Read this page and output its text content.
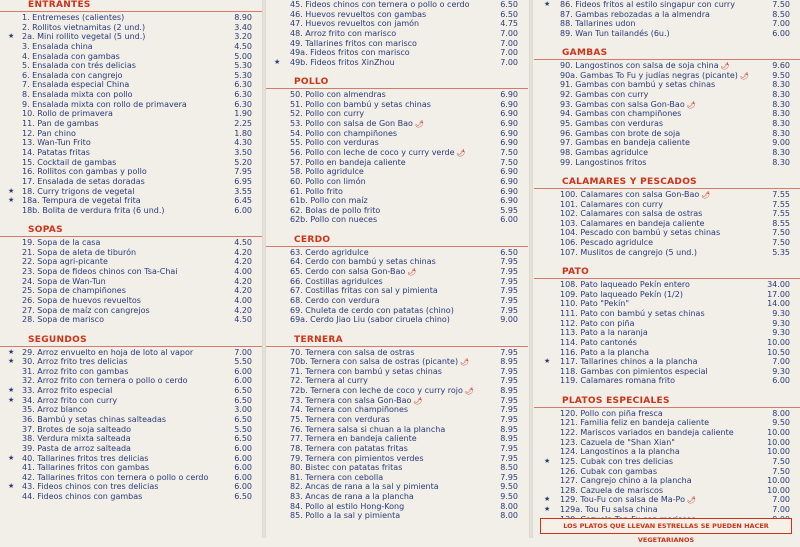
ENTRANTES
1. Entremeses (calientes)	8.90
2. Rollitos vietnamitas (2 und.)	3.40
★ 2a. Mini rollito vegetal (5 und.)	3.20
3. Ensalada china	4.50
4. Ensalada con gambas	5.00
5. Ensalada con trés delicias	5.30
6. Ensalada con cangrejo	5.30
7. Ensalada especial China	6.30
8. Ensalada mixta con pollo	6.30
9. Ensalada mixta con rollo de primavera	6.30
10. Rollo de primavera	1.90
11. Pan de gambas	2.25
12. Pan chino	1.80
13. Wan-Tun Frito	4.30
14. Patatas fritas	3.50
15. Cocktail de gambas	5.20
16. Rollitos con gambas y pollo	7.95
17. Ensalada de setas doradas	6.95
★ 18. Curry trigons de vegetal	3.55
★ 18a. Tempura de vegetal frita	6.45
18b. Bolita de verdura frita (6 und.)	6.00
SOPAS
19. Sopa de la casa	4.50
21. Sopa de aleta de tiburón	4.20
22. Sopa agri-picante	4.20
23. Sopa de fideos chinos con Tsa-Chai	4.00
24. Sopa de Wan-Tun	4.20
25. Sopa de champiñones	4.20
26. Sopa de huevos revueltos	4.00
27. Sopa de maíz con cangrejos	4.20
28. Sopa de marisco	4.50
SEGUNDOS
★ 29. Arroz envuelto en hoja de loto al vapor	7.00
★ 30. Arroz frito tres delicias	5.50
31. Arroz frito con gambas	6.00
32. Arroz frito con ternera o pollo o cerdo	6.00
★ 33. Arroz frito especial	6.50
★ 34. Arroz frito con curry	6.50
35. Arroz blanco	3.00
36. Bambú y setas chinas salteadas	6.50
37. Brotes de soja salteado	5.50
38. Verdura mixta salteada	6.50
39. Pasta de arroz salteada	6.00
★ 40. Tallarines fritos tres delicias	6.00
41. Tallarines fritos con gambas	6.00
42. Tallarines fritos con ternera o pollo o cerdo	6.00
★ 43. Fideos chinos con tres delicias	6.00
44. Fideos chinos con gambas	6.50
45. Fideos chinos con ternera o pollo o cerdo	6.50
46. Huevos revueltos con gambas	6.50
47. Huevos revueltos con jamón	4.75
48. Arroz frito con marisco	7.00
49. Tallarines fritos con marisco	7.00
49a. Fideos fritos con marisco	7.00
★	49b. Fideos fritos XinZhou	7.00
POLLO
50. Pollo con almendras	6.90
51. Pollo con bambú y setas chinas	6.90
52. Pollo con curry	6.90
53. Pollo con salsa de Gon Bao 🌶	6.90
54. Pollo con champiñones	6.90
55. Pollo con verduras	6.90
56. Pollo con leche de coco y curry verde 🌶	7.50
57. Pollo en bandeja caliente	7.50
58. Pollo agridulce	6.90
60. Pollo con limón	6.90
61. Pollo frito	6.90
61b. Pollo con maíz	6.90
62. Bolas de pollo frito	5.95
62b. Pollo con nueces	6.00
CERDO
63. Cerdo agridulce	6.50
64. Cerdo con bambú y setas chinas	7.95
65. Cerdo con salsa Gon-Bao 🌶	7.95
66. Costillas agridulces	7.95
67. Costillas fritas con sal y pimienta	7.95
68. Cerdo con verdura	7.95
69. Chuleta de cerdo con patatas (chino)	7.95
69a. Cerdo Jiao Liu (sabor ciruela chino)	9.00
TERNERA
70. Ternera con salsa de ostras	7.95
70b. Ternera con salsa de ostras (picante) 🌶	8.95
71. Ternera con bambú y setas chinas	7.95
72. Ternera al curry	7.95
72b. Ternera con leche de coco y curry rojo 🌶	8.95
73. Ternera con salsa Gon-Bao 🌶	7.95
74. Ternera con champiñones	7.95
75. Ternera con verduras	7.95
76. Ternera salsa si chuan a la plancha	8.95
77. Ternera en bandeja caliente	8.95
78. Ternera con patatas fritas	7.95
79. Ternera con pimientos verdes	7.95
80. Bistec con patatas fritas	8.50
81. Ternera con cebolla	7.95
82. Ancas de rana a la sal y pimienta	9.50
83. Ancas de rana a la plancha	9.50
84. Pollo al estilo Hong-Kong	8.00
85. Pollo a la sal y pimienta	8.00
★	86. Fideos fritos al estilo singapur con curry	7.50
87. Gambas rebozadas a la almendra	8.50
88. Tallarines udon	7.00
89. Wan Tun tailandés (6u.)	6.00
GAMBAS
90. Langostinos con salsa de soja china 🌶	9.60
90a. Gambas To Fu y judías negras (picante) 🌶	9.50
91. Gambas con bambú y setas chinas	8.30
92. Gambas con curry	8.30
93. Gambas con salsa Gon-Bao 🌶	8.30
94. Gambas con champiñones	8.30
95. Gambas con verduras	8.30
96. Gambas con brote de soja	8.30
97. Gambas en bandeja caliente	9.00
98. Gambas agridulce	8.30
99. Langostinos fritos	8.30
CALAMARES Y PESCADOS
100. Calamares con salsa Gon-Bao 🌶	7.55
101. Calamares con curry	7.55
102. Calamares con salsa de ostras	7.55
103. Calamares en bandeja caliente	8.55
104. Pescado con bambú y setas chinas	7.50
106. Pescado agridulce	7.50
107. Muslitos de cangrejo (5 und.)	5.35
PATO
108. Pato laqueado Pekín entero	34.00
109. Pato laqueado Pekín (1/2)	17.00
110. Pato "Pekín"	14.00
111. Pato con bambú y setas chinas	9.30
112. Pato con piña	9.30
113. Pato a la naranja	9.30
114. Pato cantonés	10.00
116. Pato a la plancha	10.50
★	117. Tallarines chinos a la plancha	7.00
118. Gambas con pimientos especial	9.30
119. Calamares romana frito	6.00
PLATOS ESPECIALES
120. Pollo con piña fresca	8.00
121. Familia feliz en bandeja caliente	9.50
122. Mariscos variados en bandeja caliente	10.00
123. Cazuela de "Shan Xian"	10.00
124. Langostinos a la plancha	10.00
★	125. Cubak con tres delicias	7.50
126. Cubak con gambas	7.50
127. Cangrejo chino a la plancha	10.00
128. Cazuela de mariscos	10.00
★	129. Tou-Fu con salsa de Ma-Po 🌶	7.00
★	129a. Tou Fu salsa china	7.00
LOS PLATOS QUE LLEVAN ESTRELLAS SE PUEDEN HACER VEGETARIANOS
